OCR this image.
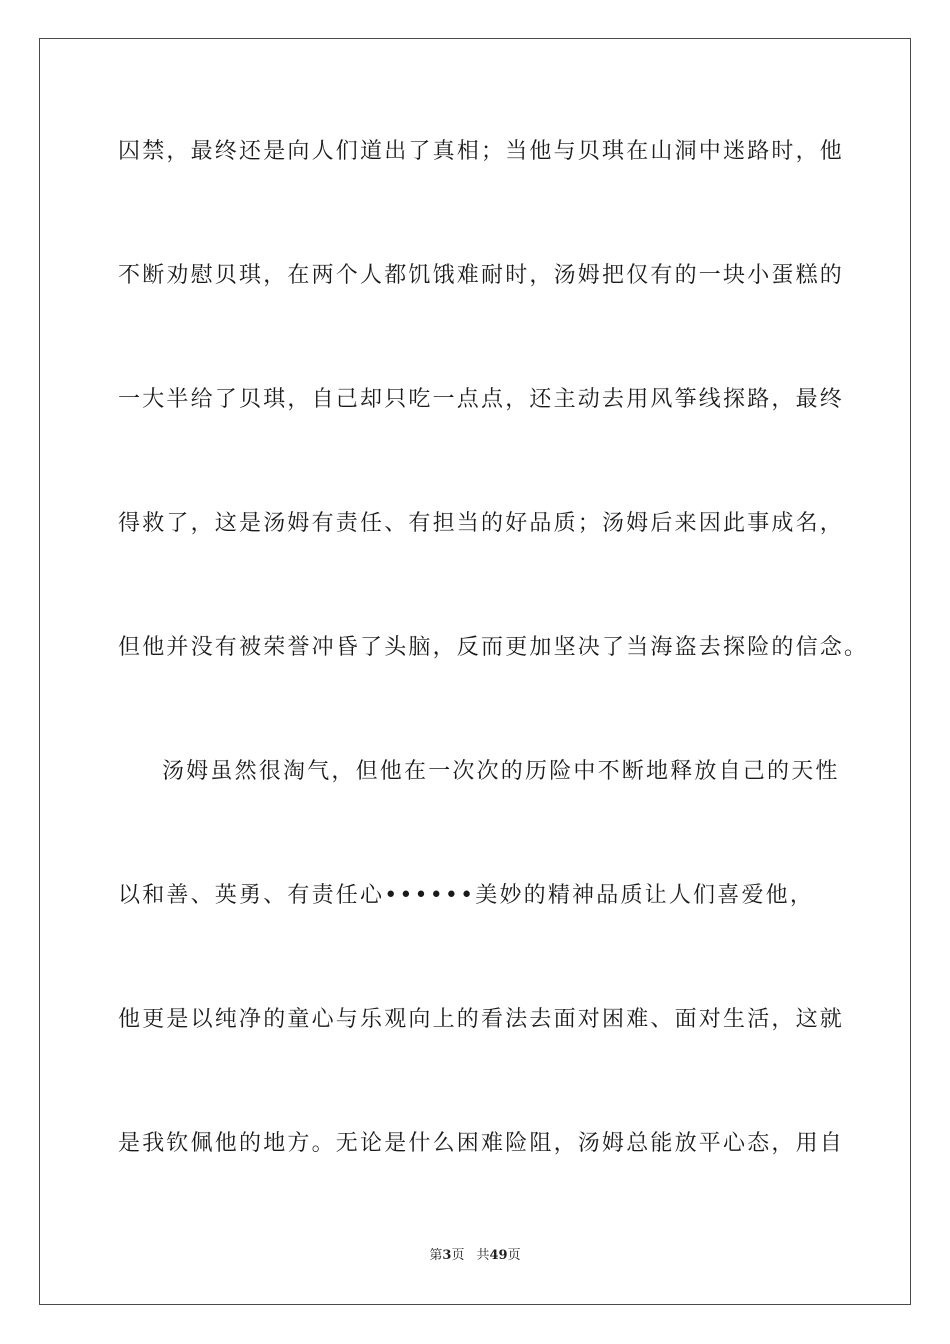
囚禁，最终还是向人们道出了真相；当他与贝琪在山洞中迷路时，他
不断劝慰贝琪，在两个人都饥饿难耐时，汤姆把仅有的一块小蛋糕的
一大半给了贝琪，自己却只吃一点点，还主动去用风筝线探路，最终
得救了，这是汤姆有责任、有担当的好品质；汤姆后来因此事成名，
但他并没有被荣誉冲昏了头脑，反而更加坚决了当海盗去探险的信念。
汤姆虽然很淘气，但他在一次次的历险中不断地释放自己的天性
以和善、英勇、有责任心••••••美妙的精神品质让人们喜爱他，
他更是以纯净的童心与乐观向上的看法去面对困难、面对生活，这就
是我钦佩他的地方。无论是什么困难险阻，汤姆总能放平心态，用自
第3页 共49页
